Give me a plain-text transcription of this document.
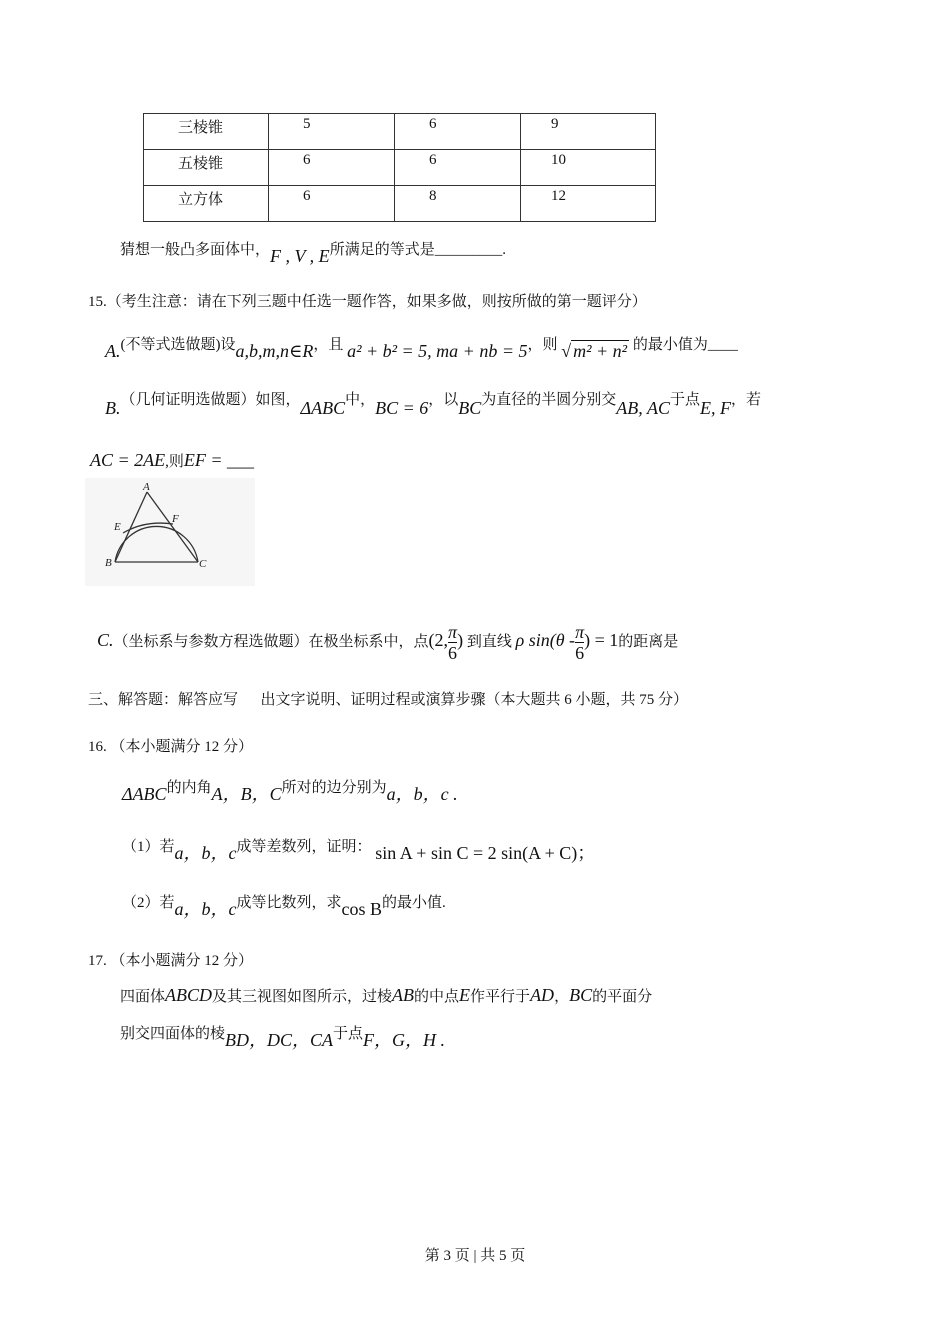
三棱锥	5	6	9
五棱锥	6	6	10
立方体	6	8	12
猜想一般凸多面体中，F , V , E所满足的等式是_________.
15.（考生注意：请在下列三题中任选一题作答，如果多做，则按所做的第一题评分）
A.(不等式选做题)设a,b,m,n∈R，且 a² + b² = 5, ma + nb = 5，则 √ m² + n² 的最小值为____
B.（几何证明选做题）如图，ΔABC中，BC = 6，以BC为直径的半圆分别交AB, AC于点E, F，若
AC = 2AE,则EF = ___
A
E
F
B	C
C.（坐标系与参数方程选做题）在极坐标系中，点(2, $\frac{\pi}{6}$ ) 到直线 ρ $\sin(\theta - \frac{\pi}{6}$ ) = 1的距离是
三、解答题：解答应写      出文字说明、证明过程或演算步骤（本大题共 6 小题，共 75 分）
16. （本小题满分 12 分）
ΔABC的内角A，B，C所对的边分别为a，b，c .
（1）若a，b，c成等差数列，证明： sin A + sin C = 2 sin(A + C)；
（2）若a，b，c成等比数列，求cos B的最小值.
17. （本小题满分 12 分）
四面体ABCD及其三视图如图所示，过棱AB的中点E作平行于AD，BC的平面分
别交四面体的棱BD，DC，CA于点F，G，H .
第 3 页 | 共 5 页
